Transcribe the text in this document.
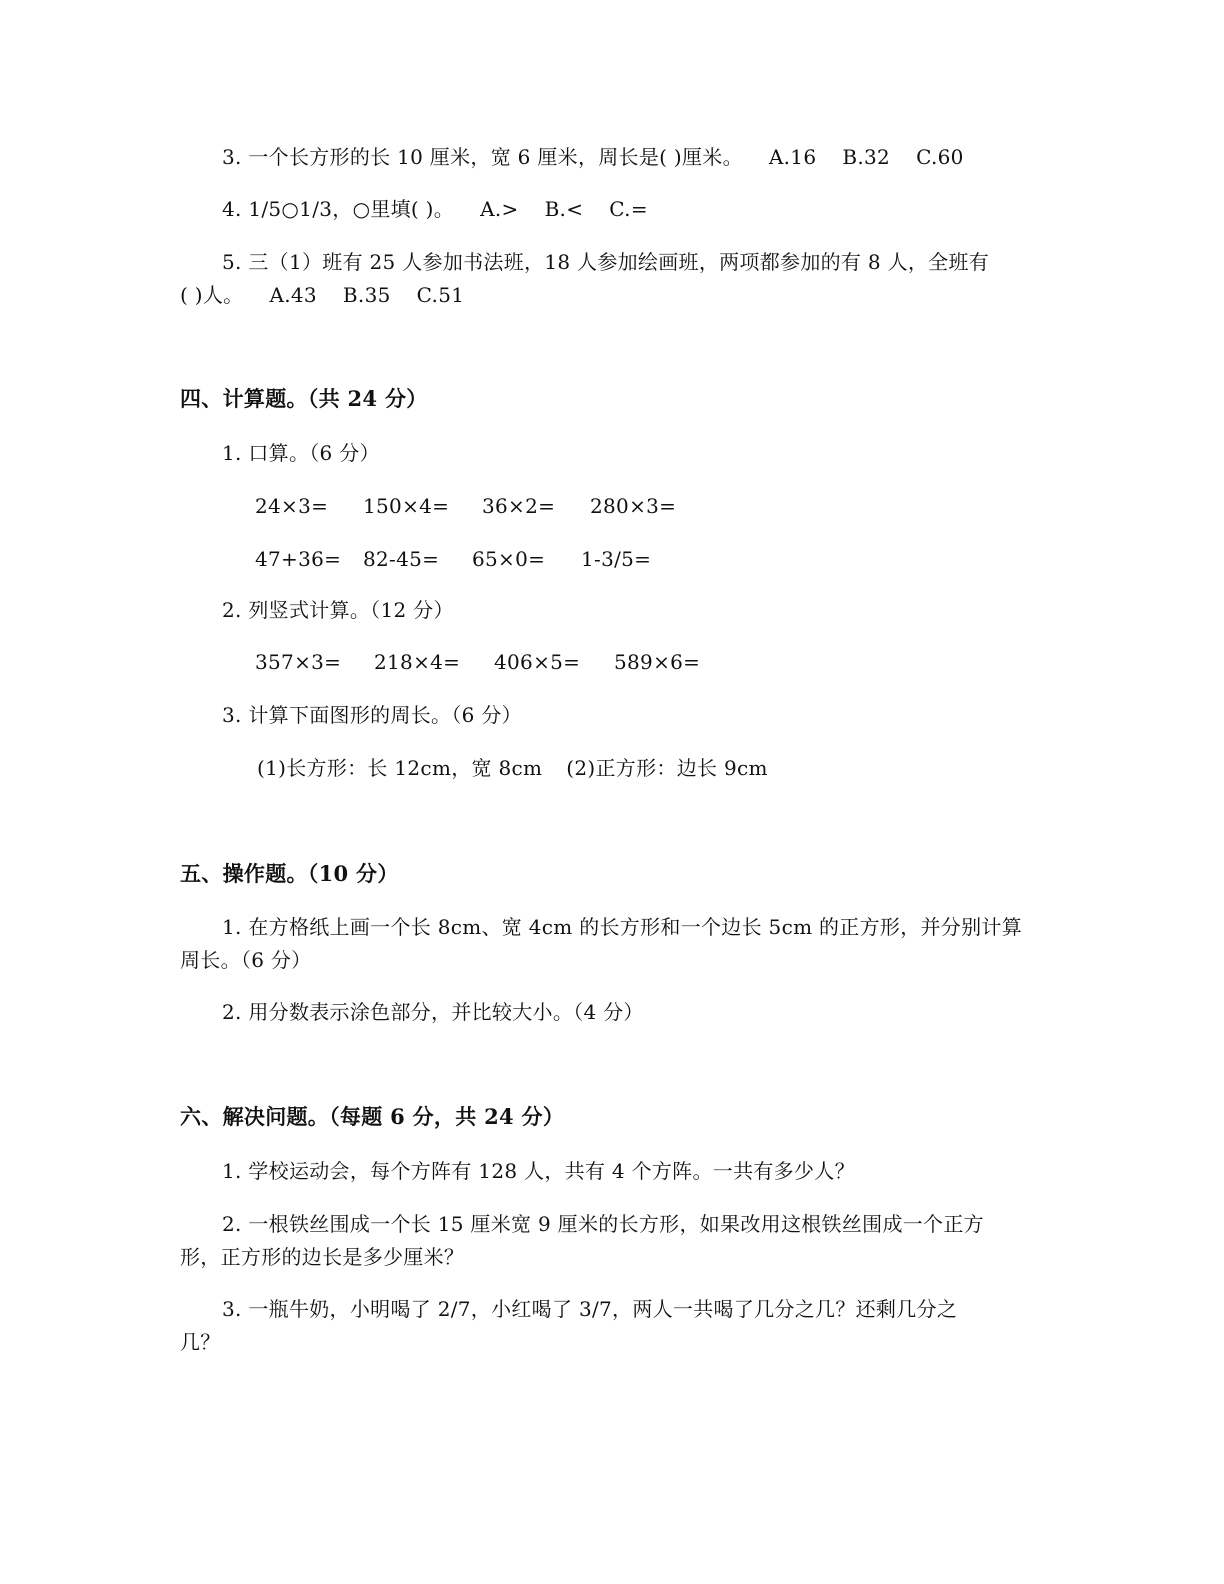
3. 一个长方形的长 10 厘米，宽 6 厘米，周长是( )厘米。 A.16 B.32 C.60
4. 1/5○1/3，○里填( )。 A.> B.< C.=
5. 三（1）班有 25 人参加书法班，18 人参加绘画班，两项都参加的有 8 人，全班有
( )人。 A.43 B.35 C.51
四、计算题。（共 24 分）
1. 口算。（6 分）
24×3= 150×4= 36×2= 280×3=
47+36= 82-45= 65×0= 1-3/5=
2. 列竖式计算。（12 分）
357×3= 218×4= 406×5= 589×6=
3. 计算下面图形的周长。（6 分）
(1)长方形：长 12cm，宽 8cm (2)正方形：边长 9cm
五、操作题。（10 分）
1. 在方格纸上画一个长 8cm、宽 4cm 的长方形和一个边长 5cm 的正方形，并分别计算
周长。（6 分）
2. 用分数表示涂色部分，并比较大小。（4 分）
六、解决问题。（每题 6 分，共 24 分）
1. 学校运动会，每个方阵有 128 人，共有 4 个方阵。一共有多少人？
2. 一根铁丝围成一个长 15 厘米宽 9 厘米的长方形，如果改用这根铁丝围成一个正方
形，正方形的边长是多少厘米？
3. 一瓶牛奶，小明喝了 2/7，小红喝了 3/7，两人一共喝了几分之几？还剩几分之
几？
